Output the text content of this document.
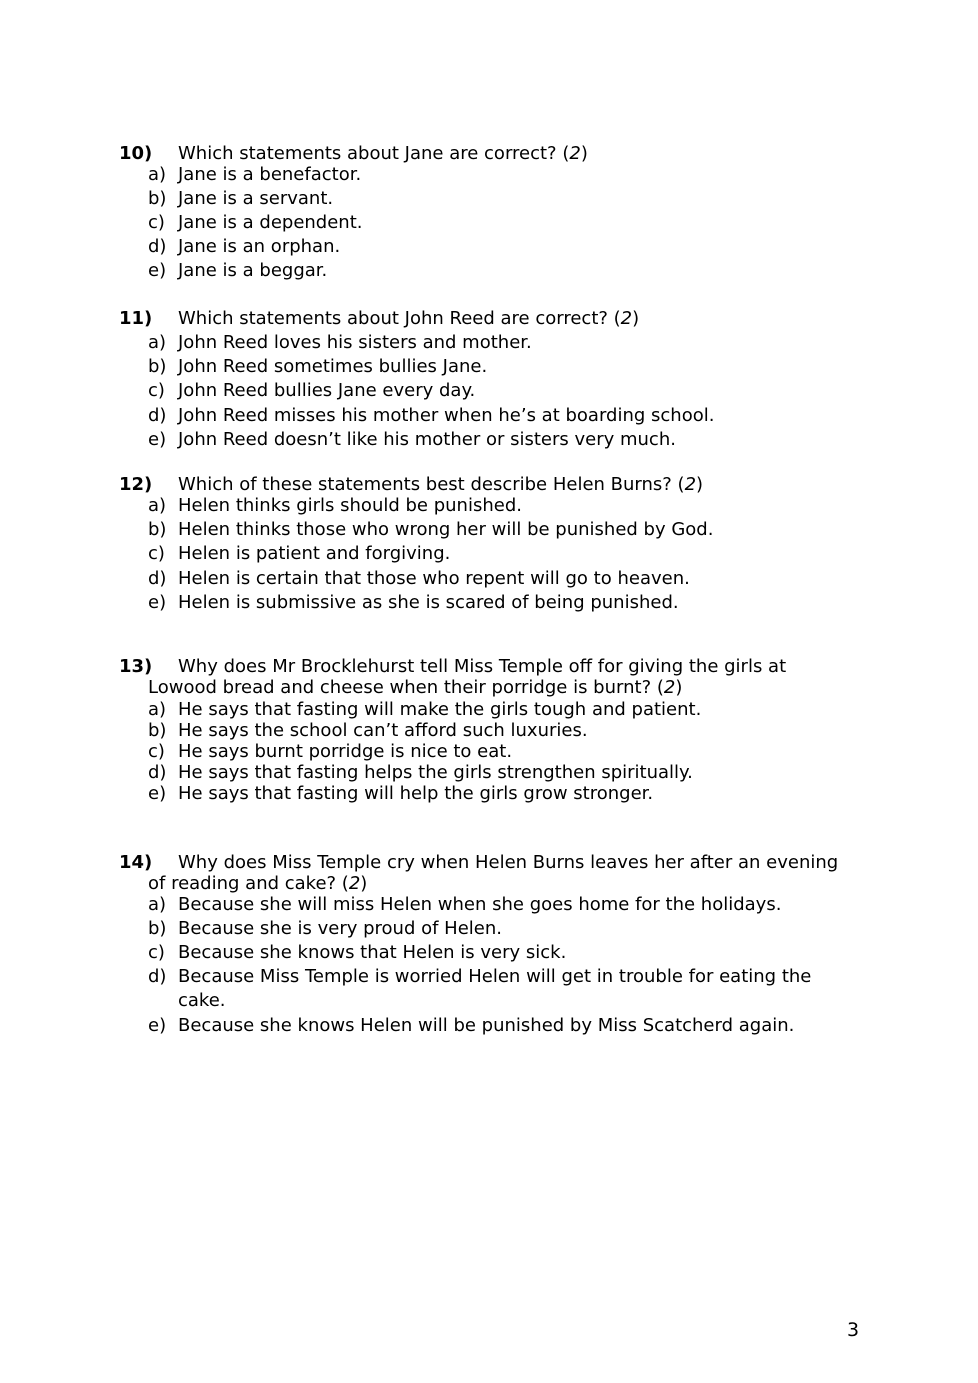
10) Which statements about Jane are correct? (2)
a) Jane is a benefactor.
b) Jane is a servant.
c) Jane is a dependent.
d) Jane is an orphan.
e) Jane is a beggar.
11) Which statements about John Reed are correct? (2)
a) John Reed loves his sisters and mother.
b) John Reed sometimes bullies Jane.
c) John Reed bullies Jane every day.
d) John Reed misses his mother when he’s at boarding school.
e) John Reed doesn’t like his mother or sisters very much.
12) Which of these statements best describe Helen Burns? (2)
a) Helen thinks girls should be punished.
b) Helen thinks those who wrong her will be punished by God.
c) Helen is patient and forgiving.
d) Helen is certain that those who repent will go to heaven.
e) Helen is submissive as she is scared of being punished.
13) Why does Mr Brocklehurst tell Miss Temple off for giving the girls at
Lowood bread and cheese when their porridge is burnt? (2)
a) He says that fasting will make the girls tough and patient.
b) He says the school can’t afford such luxuries.
c) He says burnt porridge is nice to eat.
d) He says that fasting helps the girls strengthen spiritually.
e) He says that fasting will help the girls grow stronger.
14) Why does Miss Temple cry when Helen Burns leaves her after an evening
of reading and cake? (2)
a) Because she will miss Helen when she goes home for the holidays.
b) Because she is very proud of Helen.
c) Because she knows that Helen is very sick.
d) Because Miss Temple is worried Helen will get in trouble for eating the
cake.
e) Because she knows Helen will be punished by Miss Scatcherd again.
3
